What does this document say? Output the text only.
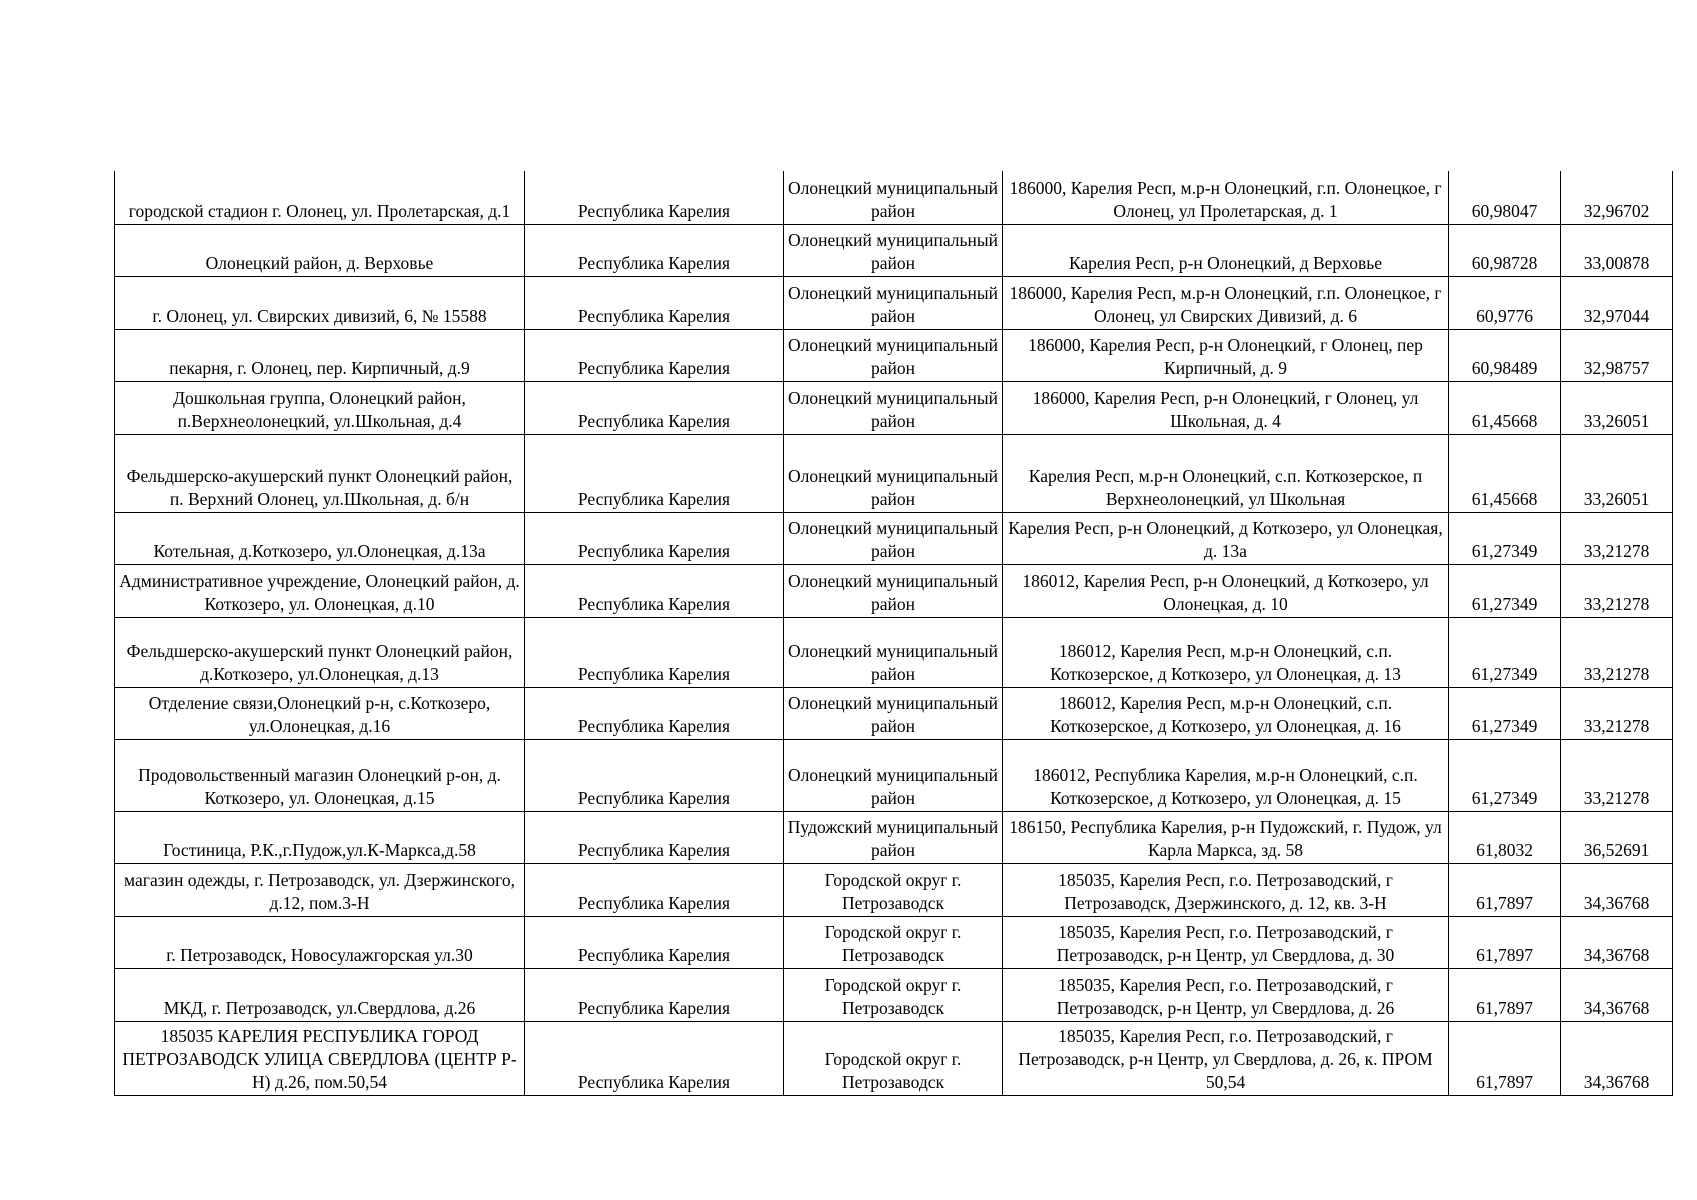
городской стадион г. Олонец, ул. Пролетарская, д.1	Республика Карелия	Олонецкий муниципальный район	186000, Карелия Респ, м.р-н Олонецкий, г.п. Олонецкое, г Олонец, ул Пролетарская, д. 1	60,98047	32,96702
Олонецкий район, д. Верховье	Республика Карелия	Олонецкий муниципальный район	Карелия Респ, р-н Олонецкий, д Верховье	60,98728	33,00878
г. Олонец, ул. Свирских дивизий, 6, № 15588	Республика Карелия	Олонецкий муниципальный район	186000, Карелия Респ, м.р-н Олонецкий, г.п. Олонецкое, г Олонец, ул Свирских Дивизий, д. 6	60,9776	32,97044
пекарня, г. Олонец, пер. Кирпичный, д.9	Республика Карелия	Олонецкий муниципальный район	186000, Карелия Респ, р-н Олонецкий, г Олонец, пер Кирпичный, д. 9	60,98489	32,98757
Дошкольная группа, Олонецкий район, п.Верхнеолонецкий, ул.Школьная, д.4	Республика Карелия	Олонецкий муниципальный район	186000, Карелия Респ, р-н Олонецкий, г Олонец, ул Школьная, д. 4	61,45668	33,26051
Фельдшерско-акушерский пункт Олонецкий район, п. Верхний Олонец, ул.Школьная, д. б/н	Республика Карелия	Олонецкий муниципальный район	Карелия Респ, м.р-н Олонецкий, с.п. Коткозерское, п Верхнеолонецкий, ул Школьная	61,45668	33,26051
Котельная, д.Коткозеро, ул.Олонецкая, д.13а	Республика Карелия	Олонецкий муниципальный район	Карелия Респ, р-н Олонецкий, д Коткозеро, ул Олонецкая, д. 13а	61,27349	33,21278
Административное учреждение, Олонецкий район, д. Коткозеро, ул. Олонецкая, д.10	Республика Карелия	Олонецкий муниципальный район	186012, Карелия Респ, р-н Олонецкий, д Коткозеро, ул Олонецкая, д. 10	61,27349	33,21278
Фельдшерско-акушерский пункт Олонецкий район, д.Коткозеро, ул.Олонецкая, д.13	Республика Карелия	Олонецкий муниципальный район	186012, Карелия Респ, м.р-н Олонецкий, с.п. Коткозерское, д Коткозеро, ул Олонецкая, д. 13	61,27349	33,21278
Отделение связи,Олонецкий р-н, с.Коткозеро, ул.Олонецкая, д.16	Республика Карелия	Олонецкий муниципальный район	186012, Карелия Респ, м.р-н Олонецкий, с.п. Коткозерское, д Коткозеро, ул Олонецкая, д. 16	61,27349	33,21278
Продовольственный магазин Олонецкий р-он, д. Коткозеро, ул. Олонецкая, д.15	Республика Карелия	Олонецкий муниципальный район	186012, Республика Карелия, м.р-н Олонецкий, с.п. Коткозерское, д Коткозеро, ул Олонецкая, д. 15	61,27349	33,21278
Гостиница, Р.К.,г.Пудож,ул.К-Маркса,д.58	Республика Карелия	Пудожский муниципальный район	186150, Республика Карелия, р-н Пудожский, г. Пудож, ул Карла Маркса, зд. 58	61,8032	36,52691
магазин одежды, г. Петрозаводск, ул. Дзержинского, д.12, пом.3-Н	Республика Карелия	Городской округ г. Петрозаводск	185035, Карелия Респ, г.о. Петрозаводский, г Петрозаводск, Дзержинского, д. 12, кв. 3-Н	61,7897	34,36768
г. Петрозаводск, Новосулажгорская ул.30	Республика Карелия	Городской округ г. Петрозаводск	185035, Карелия Респ, г.о. Петрозаводский, г Петрозаводск, р-н Центр, ул Свердлова, д. 30	61,7897	34,36768
МКД, г. Петрозаводск, ул.Свердлова, д.26	Республика Карелия	Городской округ г. Петрозаводск	185035, Карелия Респ, г.о. Петрозаводский, г Петрозаводск, р-н Центр, ул Свердлова, д. 26	61,7897	34,36768
185035 КАРЕЛИЯ РЕСПУБЛИКА ГОРОД ПЕТРОЗАВОДСК УЛИЦА СВЕРДЛОВА (ЦЕНТР Р-Н) д.26, пом.50,54	Республика Карелия	Городской округ г. Петрозаводск	185035, Карелия Респ, г.о. Петрозаводский, г Петрозаводск, р-н Центр, ул Свердлова, д. 26, к. ПРОМ 50,54	61,7897	34,36768
